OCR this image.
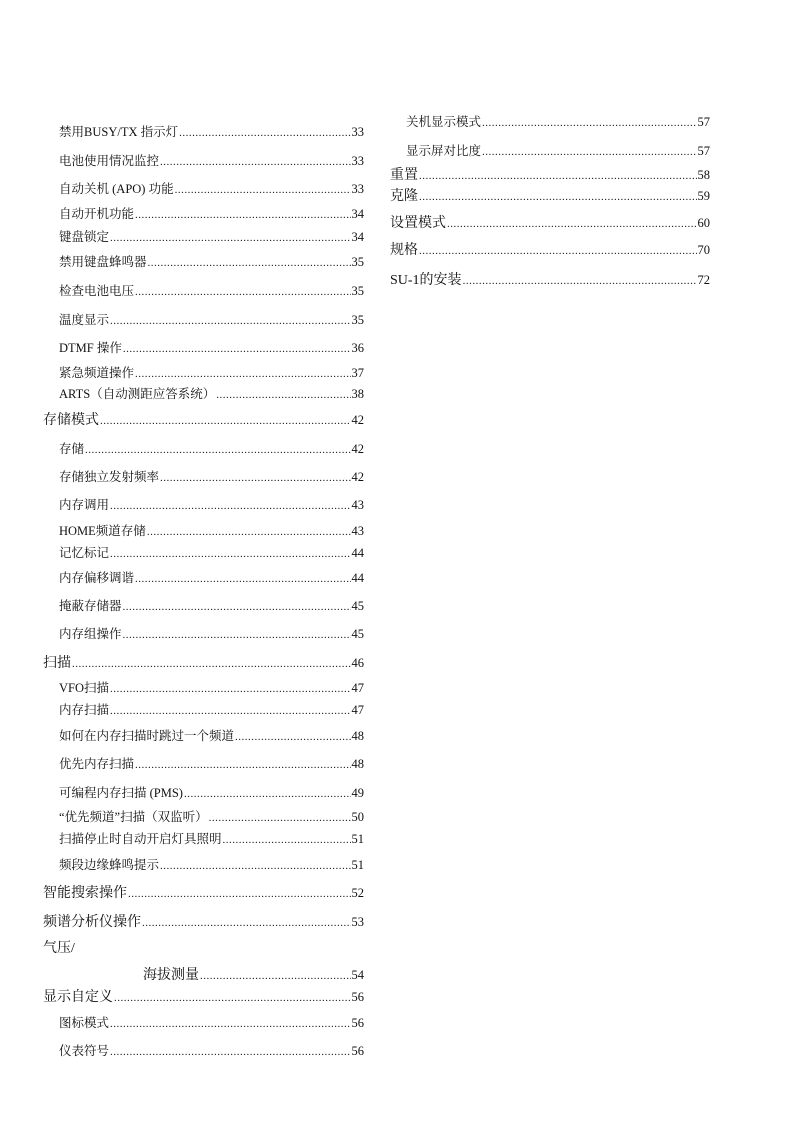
禁用BUSY/TX 指示灯 .....	33
电池使用情况监控 .....	33
自动关机 (APO) 功能 .....	33
自动开机功能 .....	34
键盘锁定 .....	34
禁用键盘蜂鸣器 .....	35
检查电池电压 .....	35
温度显示 .....	35
DTMF 操作 .....	36
紧急频道操作 .....	37
ARTS（自动测距应答系统） .....	38
存储模式 .....	42
存储 .....	42
存储独立发射频率 .....	42
内存调用 .....	43
HOME频道存储 .....	43
记忆标记 .....	44
内存偏移调谐 .....	44
掩蔽存储器 .....	45
内存组操作 .....	45
扫描 .....	46
VFO扫描 .....	47
内存扫描 .....	47
如何在内存扫描时跳过一个频道 .....	48
优先内存扫描 .....	48
可编程内存扫描 (PMS) .....	49
“优先频道”扫描（双监听） .....	50
扫描停止时自动开启灯具照明 .....	51
频段边缘蜂鸣提示 .....	51
智能搜索操作 .....	52
频谱分析仪操作 .....	53
气压/
海拔测量 .....	54
显示自定义 .....	56
图标模式 .....	56
仪表符号 .....	56
关机显示模式 .....	57
显示屏对比度 .....	57
重置 .....	58
克隆 .....	59
设置模式 .....	60
规格 .....	70
SU-1的安装 .....	72
